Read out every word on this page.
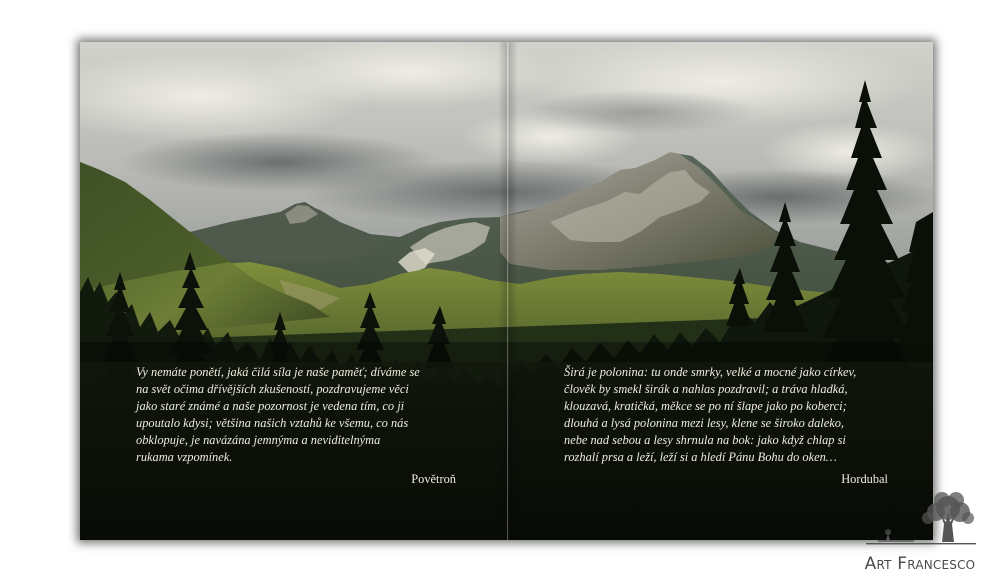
Vy nemáte ponětí, jaká čilá síla je naše paměť; díváme se
na svět očima dřívějších zkušeností, pozdravujeme věci
jako staré známé a naše pozornost je vedena tím, co ji
upoutalo kdysi; většina našich vztahů ke všemu, co nás
obklopuje, je navázána jemnýma a neviditelnýma
rukama vzpomínek.

Povětroň

Širá je polonina: tu onde smrky, velké a mocné jako církev,
člověk by smekl širák a nahlas pozdravil; a tráva hladká,
klouzavá, kratičká, měkce se po ní šlape jako po koberci;
dlouhá a lysá polonina mezi lesy, klene se široko daleko,
nebe nad sebou a lesy shrnula na bok: jako když chlap si
rozhalí prsa a leží, leží si a hledí Pánu Bohu do oken…

Hordubal
Art Francesco
